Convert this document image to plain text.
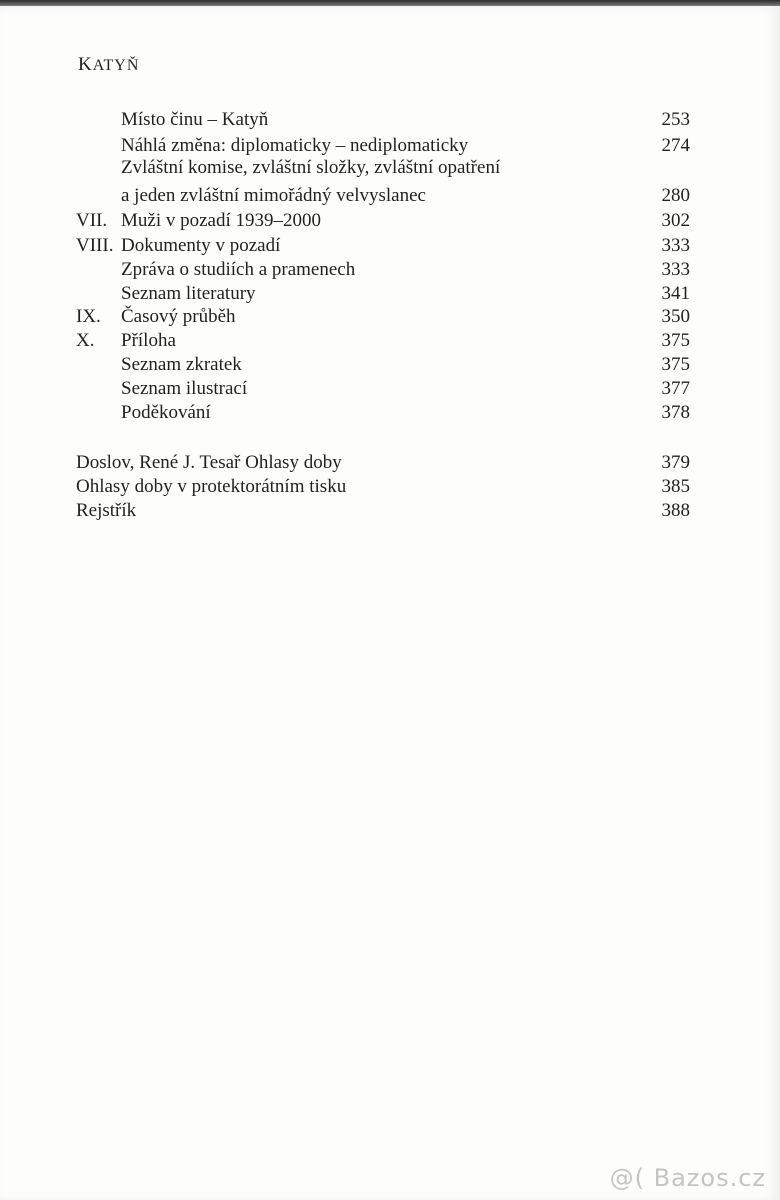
KATYŇ
Místo činu – Katyň	253
Náhlá změna: diplomaticky – nediplomaticky	274
Zvláštní komise, zvláštní složky, zvláštní opatření
a jeden zvláštní mimořádný velvyslanec	280
VII. Muži v pozadí 1939–2000	302
VIII. Dokumenty v pozadí	333
Zpráva o studiích a pramenech	333
Seznam literatury	341
IX. Časový průběh	350
X. Příloha	375
Seznam zkratek	375
Seznam ilustrací	377
Poděkování	378
Doslov, René J. Tesař Ohlasy doby	379
Ohlasy doby v protektorátním tisku	385
Rejstřík	388
@( Bazos.cz
